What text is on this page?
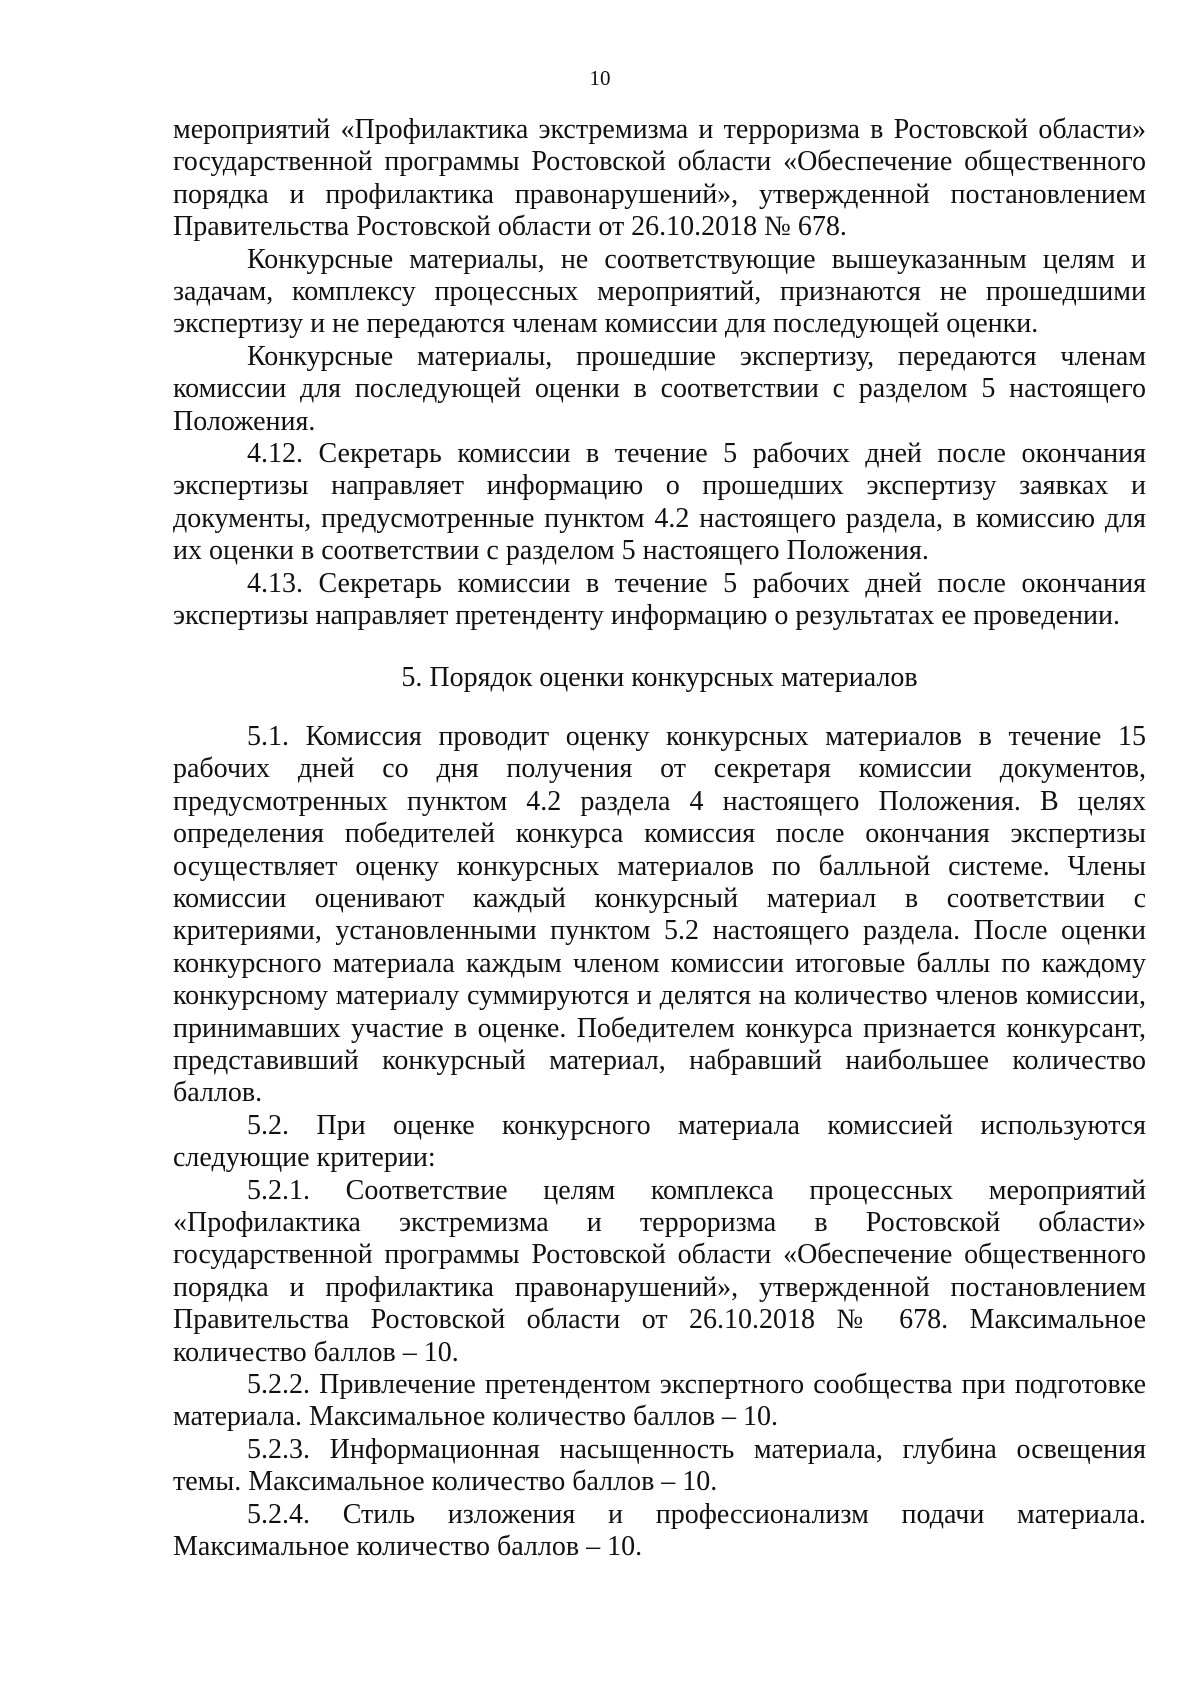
10

мероприятий «Профилактика экстремизма и терроризма в Ростовской области» государственной программы Ростовской области «Обеспечение общественного порядка и профилактика правонарушений», утвержденной постановлением Правительства Ростовской области от 26.10.2018 № 678.

Конкурсные материалы, не соответствующие вышеуказанным целям и задачам, комплексу процессных мероприятий, признаются не прошедшими экспертизу и не передаются членам комиссии для последующей оценки.

Конкурсные материалы, прошедшие экспертизу, передаются членам комиссии для последующей оценки в соответствии с разделом 5 настоящего Положения.

4.12. Секретарь комиссии в течение 5 рабочих дней после окончания экспертизы направляет информацию о прошедших экспертизу заявках и документы, предусмотренные пунктом 4.2 настоящего раздела, в комиссию для их оценки в соответствии с разделом 5 настоящего Положения.

4.13. Секретарь комиссии в течение 5 рабочих дней после окончания экспертизы направляет претенденту информацию о результатах ее проведении.

5. Порядок оценки конкурсных материалов

5.1. Комиссия проводит оценку конкурсных материалов в течение 15 рабочих дней со дня получения от секретаря комиссии документов, предусмотренных пунктом 4.2 раздела 4 настоящего Положения. В целях определения победителей конкурса комиссия после окончания экспертизы осуществляет оценку конкурсных материалов по балльной системе. Члены комиссии оценивают каждый конкурсный материал в соответствии с критериями, установленными пунктом 5.2 настоящего раздела. После оценки конкурсного материала каждым членом комиссии итоговые баллы по каждому конкурсному материалу суммируются и делятся на количество членов комиссии, принимавших участие в оценке. Победителем конкурса признается конкурсант, представивший конкурсный материал, набравший наибольшее количество баллов.

5.2. При оценке конкурсного материала комиссией используются следующие критерии:

5.2.1. Соответствие целям комплекса процессных мероприятий «Профилактика экстремизма и терроризма в Ростовской области» государственной программы Ростовской области «Обеспечение общественного порядка и профилактика правонарушений», утвержденной постановлением Правительства Ростовской области от 26.10.2018 № 678. Максимальное количество баллов – 10.

5.2.2. Привлечение претендентом экспертного сообщества при подготовке материала. Максимальное количество баллов – 10.

5.2.3. Информационная насыщенность материала, глубина освещения темы. Максимальное количество баллов – 10.

5.2.4. Стиль изложения и профессионализм подачи материала. Максимальное количество баллов – 10.
